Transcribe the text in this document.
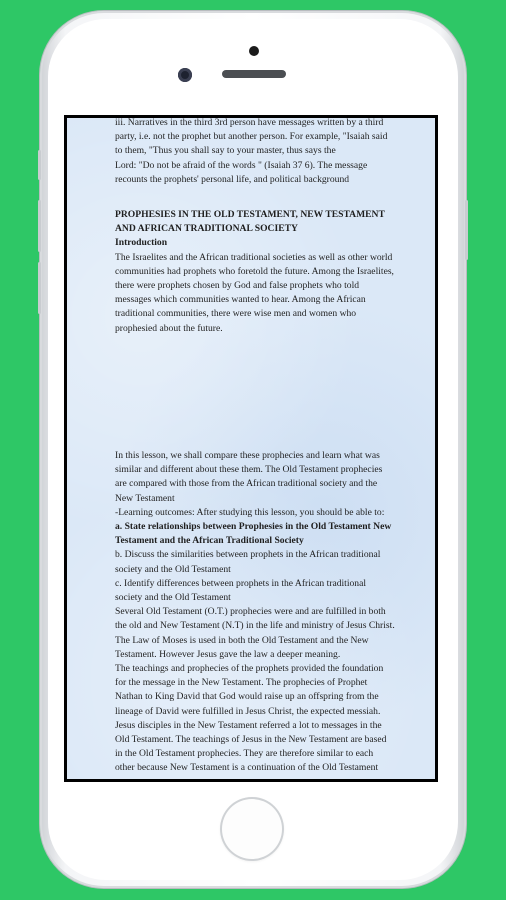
iii. Narratives in the third 3rd person have messages written by a third

party, i.e. not the prophet but another person. For example, "Isaiah said

to them, "Thus you shall say to your master, thus says the

Lord: "Do not be afraid of the words " (Isaiah 37 6). The message

recounts the prophets' personal life, and political background

PROPHESIES IN THE OLD TESTAMENT, NEW TESTAMENT

AND AFRICAN TRADITIONAL SOCIETY

Introduction

The Israelites and the African traditional societies as well as other world

communities had prophets who foretold the future. Among the Israelites,

there were prophets chosen by God and false prophets who told

messages which communities wanted to hear. Among the African

traditional communities, there were wise men and women who

prophesied about the future.

In this lesson, we shall compare these prophecies and learn what was

similar and different about these them. The Old Testament prophecies

are compared with those from the African traditional society and the

New Testament

-Learning outcomes: After studying this lesson, you should be able to:

a. State relationships between Prophesies in the Old Testament New

Testament and the African Traditional Society

b. Discuss the similarities between prophets in the African traditional

society and the Old Testament

c. Identify differences between prophets in the African traditional

society and the Old Testament

Several Old Testament (O.T.) prophecies were and are fulfilled in both

the old and New Testament (N.T) in the life and ministry of Jesus Christ.

The Law of Moses is used in both the Old Testament and the New

Testament. However Jesus gave the law a deeper meaning.

The teachings and prophecies of the prophets provided the foundation

for the message in the New Testament. The prophecies of Prophet

Nathan to King David that God would raise up an offspring from the

lineage of David were fulfilled in Jesus Christ, the expected messiah.

Jesus disciples in the New Testament referred a lot to messages in the

Old Testament. The teachings of Jesus in the New Testament are based

in the Old Testament prophecies. They are therefore similar to each

other because New Testament is a continuation of the Old Testament
